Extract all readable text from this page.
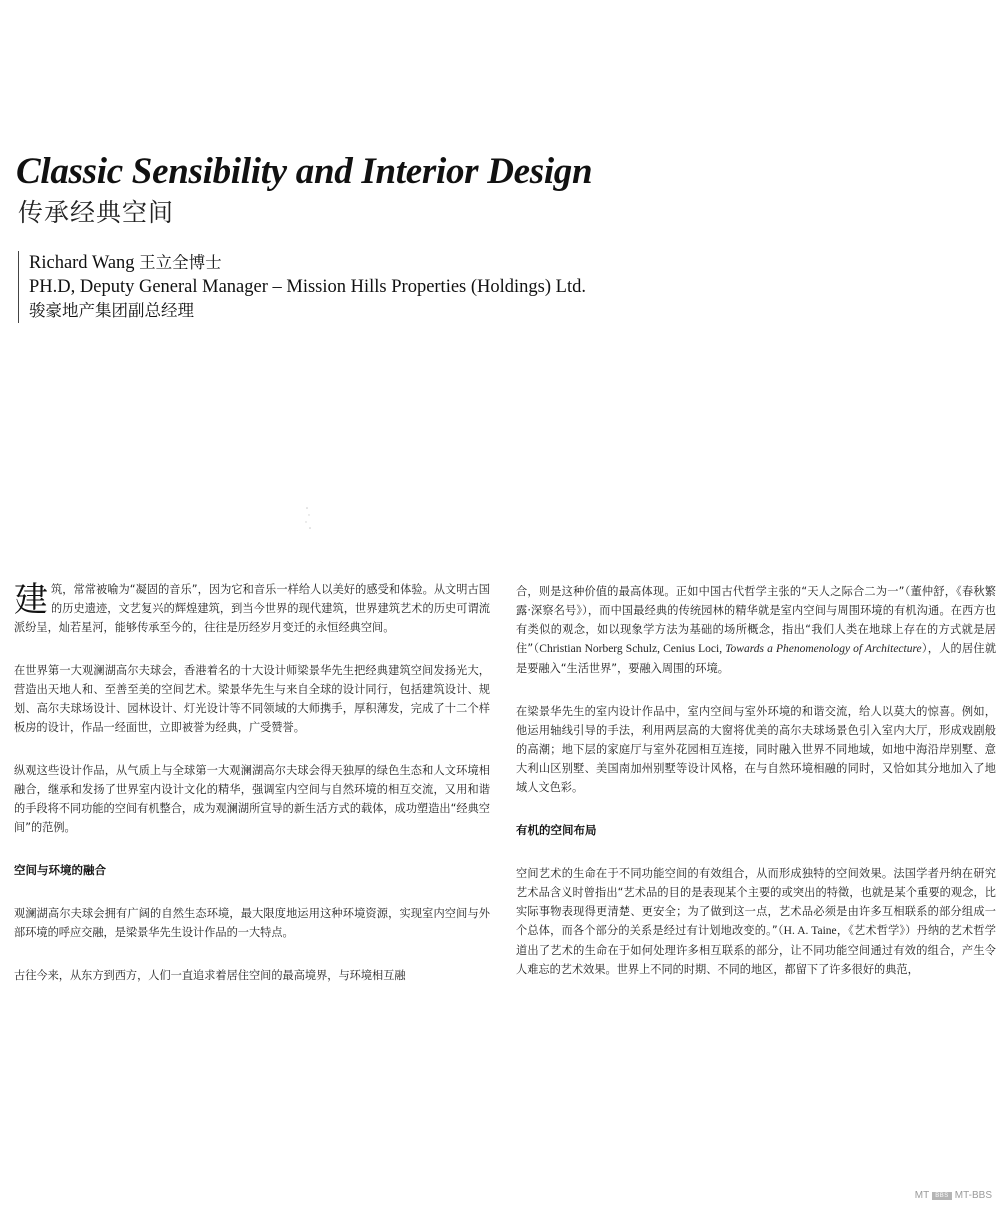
Classic Sensibility and Interior Design
传承经典空间
Richard Wang 王立全博士
PH.D, Deputy General Manager – Mission Hills Properties (Holdings) Ltd.
骏豪地产集团副总经理

建筑，常常被喻为“凝固的音乐”，因为它和音乐一样给人以美好的感受和体验。从文明古国的历史遗迹，文艺复兴的辉煌建筑，到当今世界的现代建筑，世界建筑艺术的历史可谓流派纷呈，灿若星河，能够传承至今的，往往是历经岁月变迁的永恒经典空间。

在世界第一大观澜湖高尔夫球会，香港着名的十大设计师梁景华先生把经典建筑空间发扬光大，营造出天地人和、至善至美的空间艺术。梁景华先生与来自全球的设计同行，包括建筑设计、规划、高尔夫球场设计、园林设计、灯光设计等不同领域的大师携手，厚积薄发，完成了十二个样板房的设计，作品一经面世，立即被誉为经典，广受赞誉。

纵观这些设计作品，从气质上与全球第一大观澜湖高尔夫球会得天独厚的绿色生态和人文环境相融合，继承和发扬了世界室内设计文化的精华，强调室内空间与自然环境的相互交流，又用和谐的手段将不同功能的空间有机整合，成为观澜湖所宣导的新生活方式的载体，成功塑造出“经典空间”的范例。

空间与环境的融合

观澜湖高尔夫球会拥有广阔的自然生态环境，最大限度地运用这种环境资源，实现室内空间与外部环境的呼应交融，是梁景华先生设计作品的一大特点。

古往今来，从东方到西方，人们一直追求着居住空间的最高境界，与环境相互融

合，则是这种价值的最高体现。正如中国古代哲学主张的“天人之际合二为一”（董仲舒，《春秋繁露·深察名号》），而中国最经典的传统园林的精华就是室内空间与周围环境的有机沟通。在西方也有类似的观念，如以现象学方法为基础的场所概念，指出“我们人类在地球上存在的方式就是居住”（Christian Norberg Schulz, Cenius Loci, Towards a Phenomenology of Architecture），人的居住就是要融入“生活世界”，要融入周围的环境。

在梁景华先生的室内设计作品中，室内空间与室外环境的和谐交流，给人以莫大的惊喜。例如，他运用轴线引导的手法，利用两层高的大窗将优美的高尔夫球场景色引入室内大厅，形成戏剧般的高潮；地下层的家庭厅与室外花园相互连接，同时融入世界不同地域，如地中海沿岸别墅、意大利山区别墅、美国南加州别墅等设计风格，在与自然环境相融的同时，又恰如其分地加入了地域人文色彩。

有机的空间布局

空间艺术的生命在于不同功能空间的有效组合，从而形成独特的空间效果。法国学者丹纳在研究艺术品含义时曾指出“艺术品的目的是表现某个主要的或突出的特徵，也就是某个重要的观念，比实际事物表现得更清楚、更安全；为了做到这一点，艺术品必须是由许多互相联系的部分组成一个总体，而各个部分的关系是经过有计划地改变的。”（H. A. Taine，《艺术哲学》）丹纳的艺术哲学道出了艺术的生命在于如何处理许多相互联系的部分，让不同功能空间通过有效的组合，产生令人难忘的艺术效果。世界上不同的时期、不同的地区，都留下了许多很好的典范，

MT	BBS MT-BBS
